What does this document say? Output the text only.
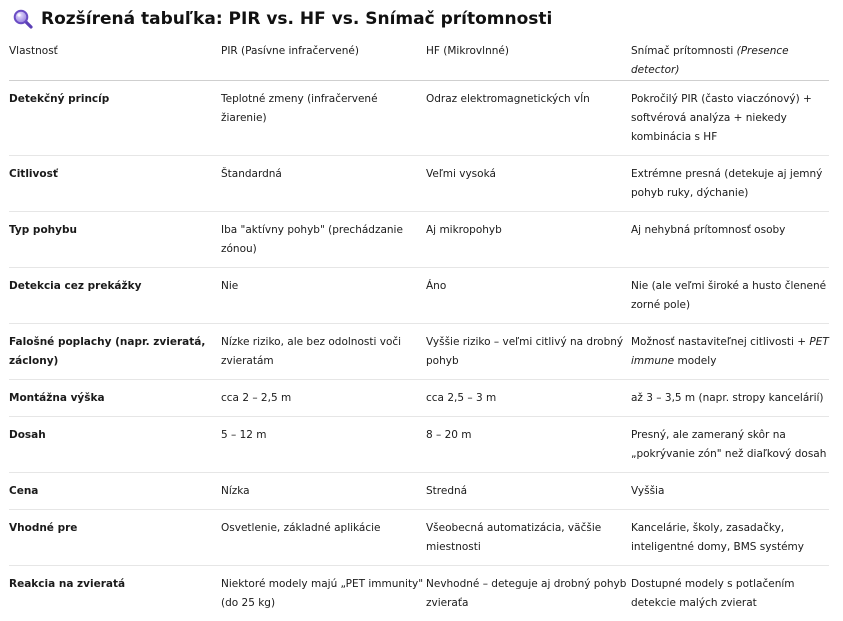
Rozšírená tabuľka: PIR vs. HF vs. Snímač prítomnosti
Vlastnosť	PIR (Pasívne infračervené)	HF (Mikrovlnné)	Snímač prítomnosti (Presence detector)
Detekčný princíp	Teplotné zmeny (infračervené žiarenie)	Odraz elektromagnetických vĺn	Pokročilý PIR (často viaczónový) + softvérová analýza + niekedy kombinácia s HF
Citlivosť	Štandardná	Veľmi vysoká	Extrémne presná (detekuje aj jemný pohyb ruky, dýchanie)
Typ pohybu	Iba "aktívny pohyb" (prechádzanie zónou)	Aj mikropohyb	Aj nehybná prítomnosť osoby
Detekcia cez prekážky	Nie	Áno	Nie (ale veľmi široké a husto členené zorné pole)
Falošné poplachy (napr. zvieratá, záclony)	Nízke riziko, ale bez odolnosti voči zvieratám	Vyššie riziko – veľmi citlivý na drobný pohyb	Možnosť nastaviteľnej citlivosti + PET immune modely
Montážna výška	cca 2 – 2,5 m	cca 2,5 – 3 m	až 3 – 3,5 m (napr. stropy kancelárií)
Dosah	5 – 12 m	8 – 20 m	Presný, ale zameraný skôr na „pokrývanie zón" než diaľkový dosah
Cena	Nízka	Stredná	Vyššia
Vhodné pre	Osvetlenie, základné aplikácie	Všeobecná automatizácia, väčšie miestnosti	Kancelárie, školy, zasadačky, inteligentné domy, BMS systémy
Reakcia na zvieratá	Niektoré modely majú „PET immunity" (do 25 kg)	Nevhodné – deteguje aj drobný pohyb zvieraťa	Dostupné modely s potlačením detekcie malých zvierat
